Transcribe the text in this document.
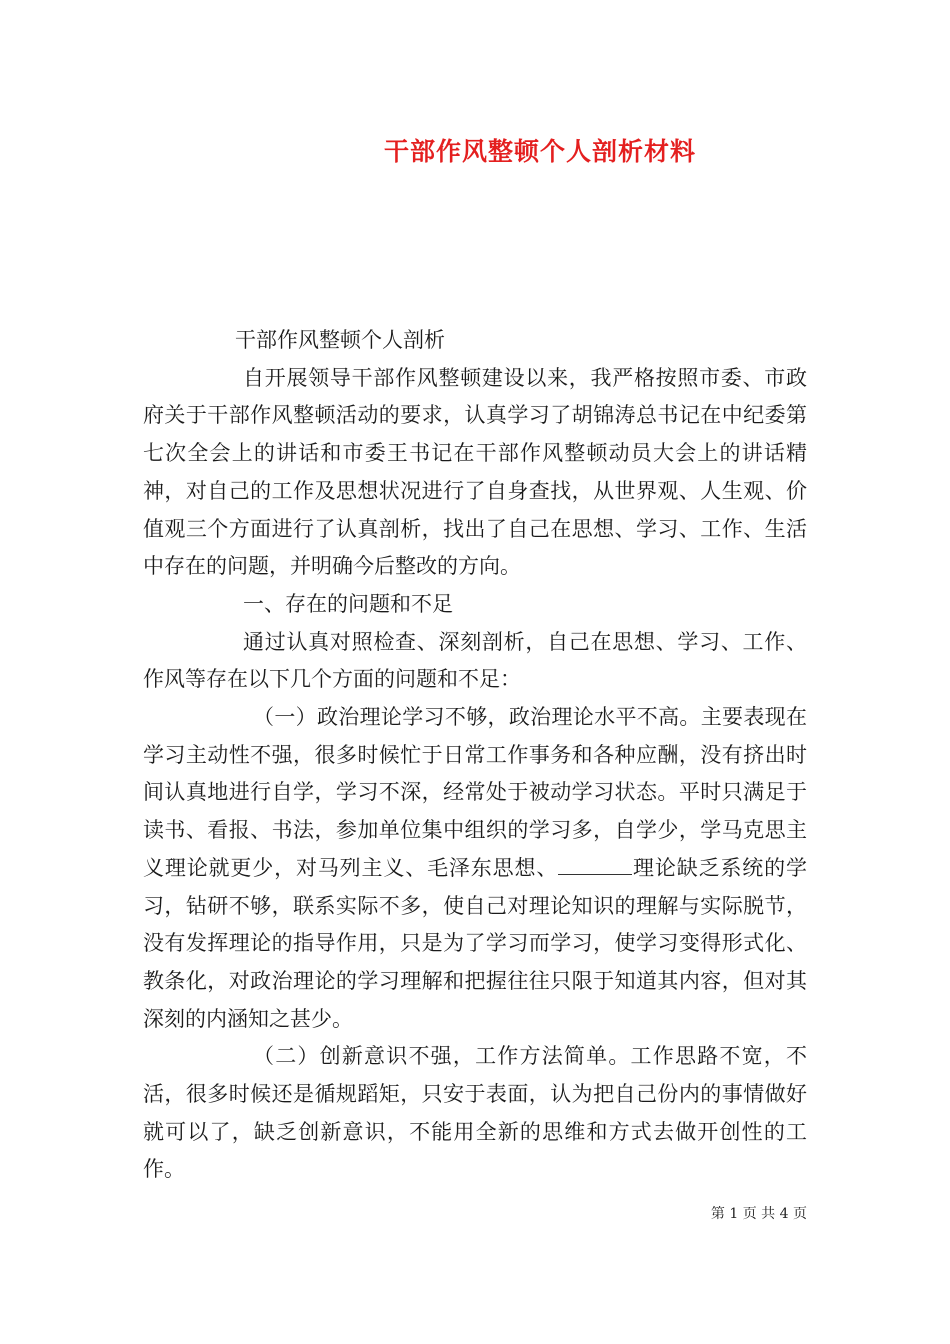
干部作风整顿个人剖析材料

干部作风整顿个人剖析

自开展领导干部作风整顿建设以来，我严格按照市委、市政府关于干部作风整顿活动的要求，认真学习了胡锦涛总书记在中纪委第七次全会上的讲话和市委王书记在干部作风整顿动员大会上的讲话精神，对自己的工作及思想状况进行了自身查找，从世界观、人生观、价值观三个方面进行了认真剖析，找出了自己在思想、学习、工作、生活中存在的问题，并明确今后整改的方向。

一、存在的问题和不足

通过认真对照检查、深刻剖析，自己在思想、学习、工作、作风等存在以下几个方面的问题和不足：

（一）政治理论学习不够，政治理论水平不高。主要表现在学习主动性不强，很多时候忙于日常工作事务和各种应酬，没有挤出时间认真地进行自学，学习不深，经常处于被动学习状态。平时只满足于读书、看报、书法，参加单位集中组织的学习多，自学少，学马克思主义理论就更少，对马列主义、毛泽东思想、	理论缺乏系统的学习，钻研不够，联系实际不多，使自己对理论知识的理解与实际脱节，没有发挥理论的指导作用，只是为了学习而学习，使学习变得形式化、教条化，对政治理论的学习理解和把握往往只限于知道其内容，但对其深刻的内涵知之甚少。

（二）创新意识不强，工作方法简单。工作思路不宽，不活，很多时候还是循规蹈矩，只安于表面，认为把自己份内的事情做好就可以了，缺乏创新意识，不能用全新的思维和方式去做开创性的工作。

第 1 页 共 4 页
